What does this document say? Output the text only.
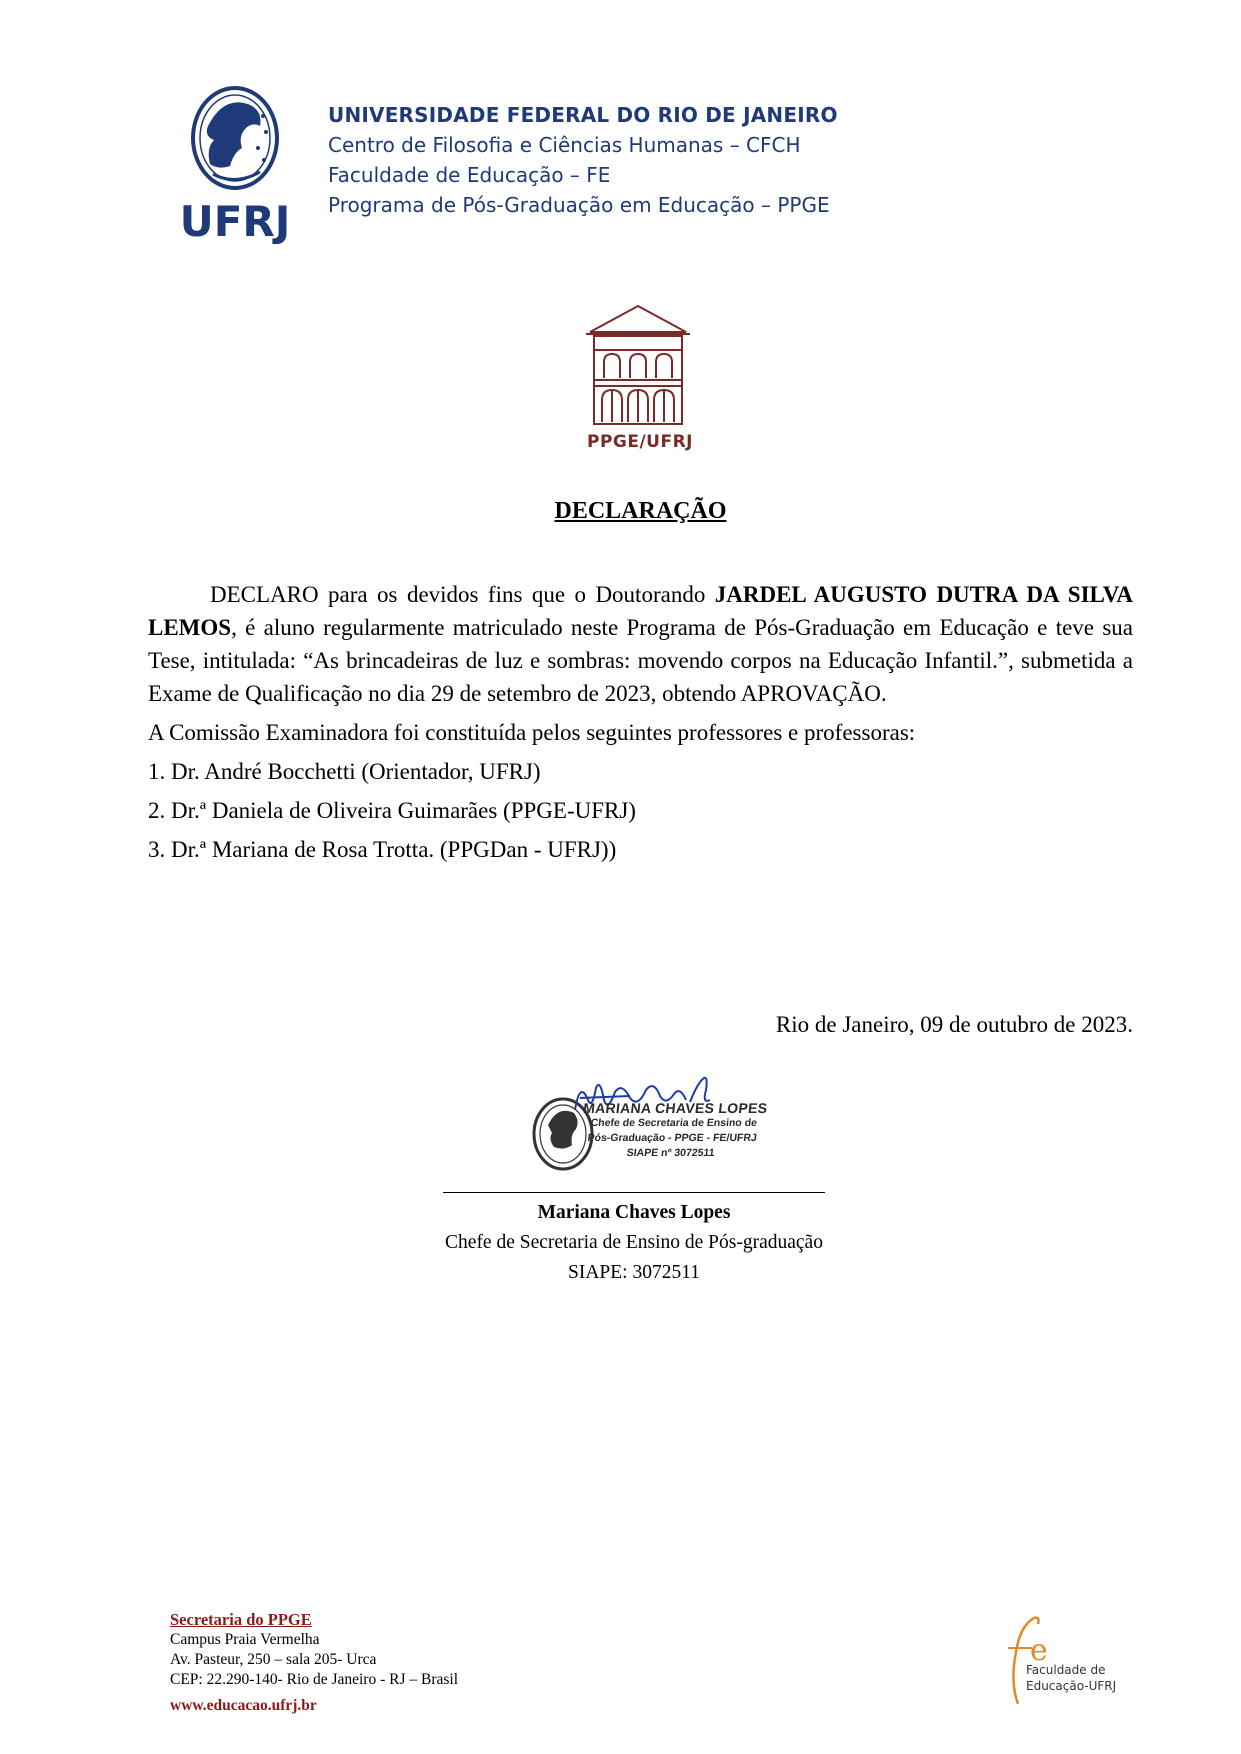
UFRJ
UNIVERSIDADE FEDERAL DO RIO DE JANEIRO
Centro de Filosofia e Ciências Humanas – CFCH
Faculdade de Educação – FE
Programa de Pós-Graduação em Educação – PPGE
PPGE/UFRJ
DECLARAÇÃO

DECLARO para os devidos fins que o Doutorando JARDEL AUGUSTO DUTRA DA SILVA LEMOS, é aluno regularmente matriculado neste Programa de Pós-Graduação em Educação e teve sua Tese, intitulada: “As brincadeiras de luz e sombras: movendo corpos na Educação Infantil.”, submetida a Exame de Qualificação no dia 29 de setembro de 2023, obtendo APROVAÇÃO.

A Comissão Examinadora foi constituída pelos seguintes professores e professoras:

1. Dr. André Bocchetti (Orientador, UFRJ)

2. Dr.ª Daniela de Oliveira Guimarães (PPGE-UFRJ)

3. Dr.ª Mariana de Rosa Trotta. (PPGDan - UFRJ))

Rio de Janeiro, 09 de outubro de 2023.
MARIANA CHAVES LOPES
Chefe de Secretaria de Ensino de
Pós-Graduação - PPGE - FE/UFRJ
SIAPE nº 3072511
Mariana Chaves Lopes
Chefe de Secretaria de Ensino de Pós-graduação
SIAPE: 3072511
Secretaria do PPGE
Campus Praia Vermelha
Av. Pasteur, 250 – sala 205- Urca
CEP: 22.290-140- Rio de Janeiro - RJ – Brasil
www.educacao.ufrj.br
e
Faculdade de
Educação-UFRJ
